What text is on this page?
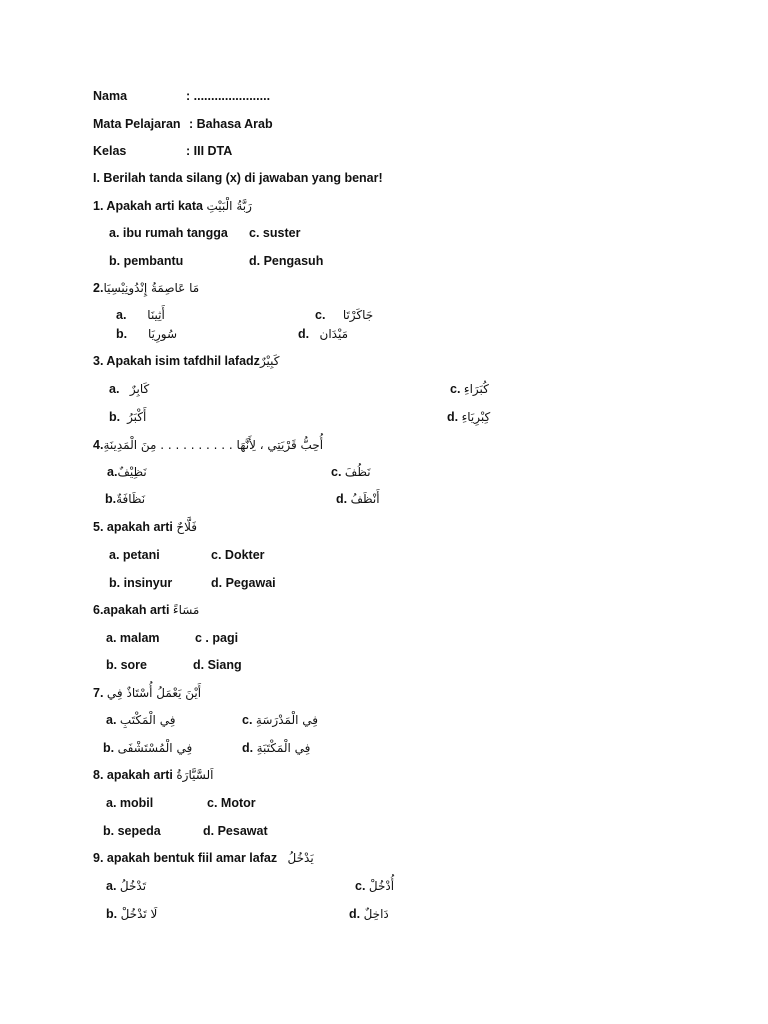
Nama	: ......................
Mata Pelajaran : Bahasa Arab
Kelas	: III DTA
I. Berilah tanda silang (x) di jawaban yang benar!
1. Apakah arti kata رَبَّةُ الْبَيْتِ
a. ibu rumah tangga c. suster
b. pembantu	d. Pengasuh
2.مَا عَاصِمَةُ إِنْدُونِيْسِيَا
a. أَثِينَا	c. جَاكَرْتَا
b. سُورِيَا	d. مَيْدَان
3. Apakah isim tafdhil lafadzكَبِيْرٌ
a. كَابِرٌ	c. كُبَرَاءِ
b. أَكْبَرُ	d. كِبْرِيَاءِ
4.أُحِبُّ قَرْيَتِي ، لِأَنَّهَا . . . . . . . . . . مِنَ الْمَدِينَةِ
a.نَظِيْفٌ	c. نَظُفَ
b.نَظَافَةٌ	d. أَنْظَفُ
5. apakah arti فَلَّاحٌ
a. petani	c. Dokter
b. insinyur	d. Pegawai
6.apakah arti مَسَاءً
a. malam	c . pagi
b. sore	d. Siang
7. أَيْنَ يَعْمَلُ أُسْتَاذٌ فِي
a. فِي الْمَكْتَبِ	c. فِي الْمَدْرَسَةِ
b. فِي الْمُسْتَشْفَى	d. فِي الْمَكْتَبَةِ
8. apakah arti اَلسَّيَّارَةُ
a. mobil	c. Motor
b. sepeda	d. Pesawat
9. apakah bentuk fiil amar lafaz يَدْخُلُ
a. تَدْخُلُ	c. أُدْخُلْ
b. لَا تَدْخُلْ	d. دَاخِلٌ
